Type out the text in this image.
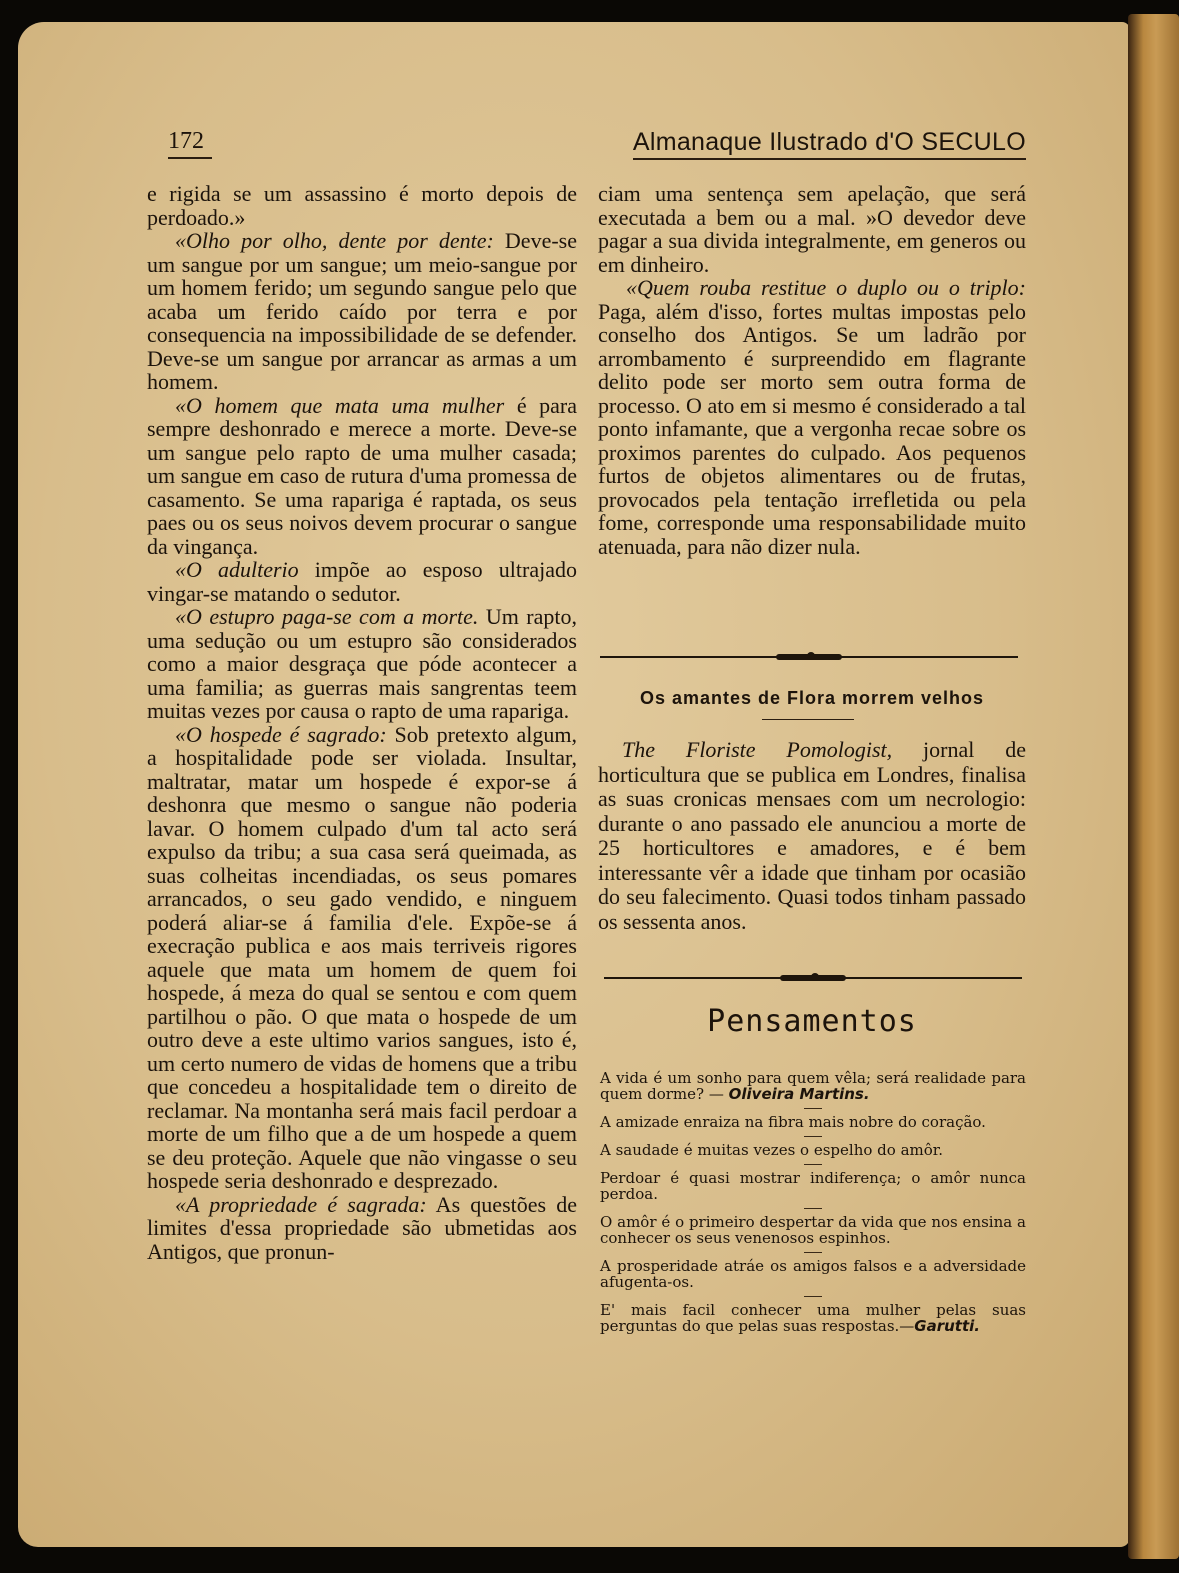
172	Almanaque Ilustrado d'O SECULO

e rigida se um assassino é morto depois de perdoado.»

«Olho por olho, dente por dente: Deve-se um sangue por um sangue; um meio-sangue por um homem ferido; um segundo sangue pelo que acaba um ferido caído por terra e por consequencia na impossibilidade de se defender. Deve-se um sangue por arrancar as armas a um homem.

«O homem que mata uma mulher é para sempre deshonrado e merece a morte. Deve-se um sangue pelo rapto de uma mulher casada; um sangue em caso de rutura d'uma promessa de casamento. Se uma rapariga é raptada, os seus paes ou os seus noivos devem procurar o sangue da vingança.

«O adulterio impõe ao esposo ultrajado vingar-se matando o sedutor.

«O estupro paga-se com a morte. Um rapto, uma sedução ou um estupro são considerados como a maior desgraça que póde acontecer a uma familia; as guerras mais sangrentas teem muitas vezes por causa o rapto de uma rapariga.

«O hospede é sagrado: Sob pretexto algum, a hospitalidade pode ser violada. Insultar, maltratar, matar um hospede é expor-se á deshonra que mesmo o sangue não poderia lavar. O homem culpado d'um tal acto será expulso da tribu; a sua casa será queimada, as suas colheitas incendiadas, os seus pomares arrancados, o seu gado vendido, e ninguem poderá aliar-se á familia d'ele. Expõe-se á execração publica e aos mais terriveis rigores aquele que mata um homem de quem foi hospede, á meza do qual se sentou e com quem partilhou o pão. O que mata o hospede de um outro deve a este ultimo varios sangues, isto é, um certo numero de vidas de homens que a tribu que concedeu a hospitalidade tem o direito de reclamar. Na montanha será mais facil perdoar a morte de um filho que a de um hospede a quem se deu proteção. Aquele que não vingasse o seu hospede seria deshonrado e desprezado.

«A propriedade é sagrada: As questões de limites d'essa propriedade são ubmetidas aos Antigos, que pronun-

ciam uma sentença sem apelação, que será executada a bem ou a mal. »O devedor deve pagar a sua divida integralmente, em generos ou em dinheiro.

«Quem rouba restitue o duplo ou o triplo: Paga, além d'isso, fortes multas impostas pelo conselho dos Antigos. Se um ladrão por arrombamento é surpreendido em flagrante delito pode ser morto sem outra forma de processo. O ato em si mesmo é considerado a tal ponto infamante, que a vergonha recae sobre os proximos parentes do culpado. Aos pequenos furtos de objetos alimentares ou de frutas, provocados pela tentação irrefletida ou pela fome, corresponde uma responsabilidade muito atenuada, para não dizer nula.

Os amantes de Flora morrem velhos

The Floriste Pomologist, jornal de horticultura que se publica em Londres, finalisa as suas cronicas mensaes com um necrologio: durante o ano passado ele anunciou a morte de 25 horticultores e amadores, e é bem interessante vêr a idade que tinham por ocasião do seu falecimento. Quasi todos tinham passado os sessenta anos.

Pensamentos

A vida é um sonho para quem vêla; será realidade para quem dorme? — Oliveira Martins.

A amizade enraiza na fibra mais nobre do coração.

A saudade é muitas vezes o espelho do amôr.

Perdoar é quasi mostrar indiferença; o amôr nunca perdoa.

O amôr é o primeiro despertar da vida que nos ensina a conhecer os seus venenosos espinhos.

A prosperidade atráe os amigos falsos e a adversidade afugenta-os.

E' mais facil conhecer uma mulher pelas suas perguntas do que pelas suas respostas.—Garutti.
